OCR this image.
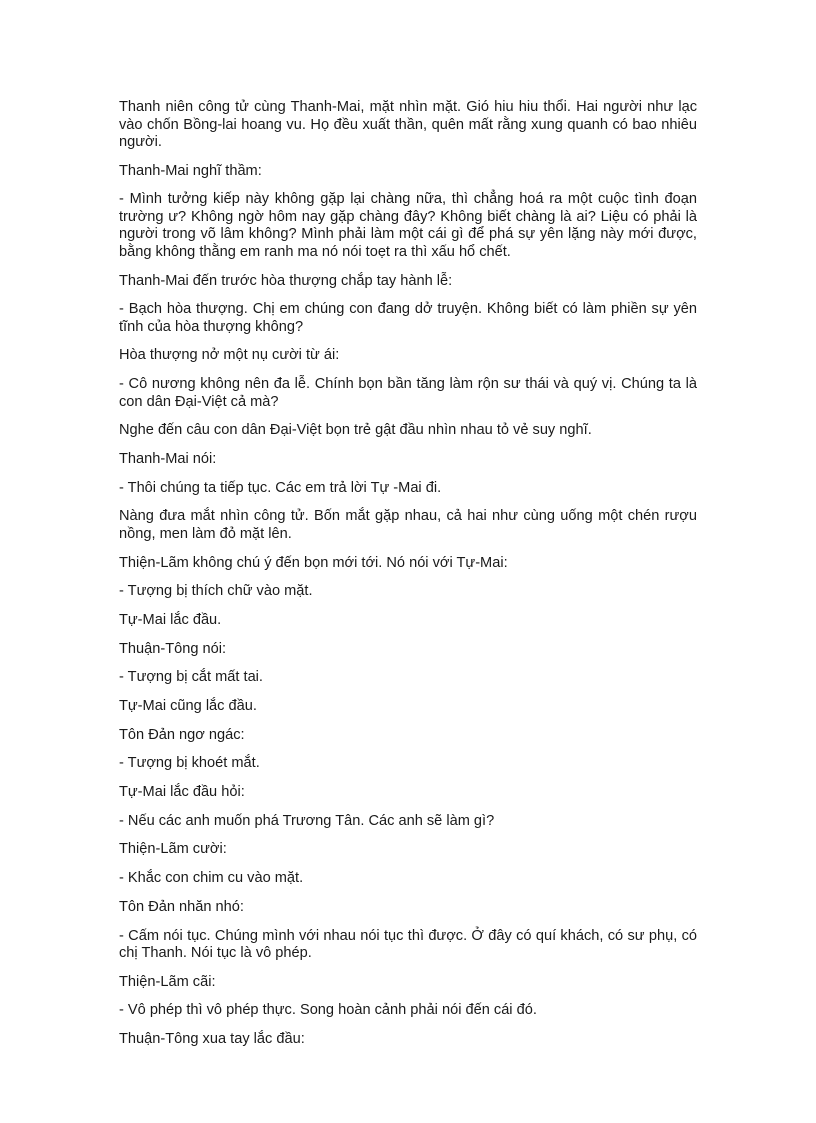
Thanh niên công tử cùng Thanh-Mai, mặt nhìn mặt. Gió hiu hiu thổi. Hai người như lạc vào chốn Bồng-lai hoang vu. Họ đều xuất thần, quên mất rằng xung quanh có bao nhiêu người.

Thanh-Mai nghĩ thầm:

- Mình tưởng kiếp này không gặp lại chàng nữa, thì chẳng hoá ra một cuộc tình đoạn trường ư? Không ngờ hôm nay gặp chàng đây? Không biết chàng là ai? Liệu có phải là người trong võ lâm không? Mình phải làm một cái gì để phá sự yên lặng này mới được, bằng không thằng em ranh ma nó nói toẹt ra thì xấu hổ chết.

Thanh-Mai đến trước hòa thượng chắp tay hành lễ:

- Bạch hòa thượng. Chị em chúng con đang dở truyện. Không biết có làm phiền sự yên tĩnh của hòa thượng không?

Hòa thượng nở một nụ cười từ ái:

- Cô nương không nên đa lễ. Chính bọn bần tăng làm rộn sư thái và quý vị. Chúng ta là con dân Đại-Việt cả mà?

Nghe đến câu con dân Đại-Việt bọn trẻ gật đầu nhìn nhau tỏ vẻ suy nghĩ.

Thanh-Mai nói:

- Thôi chúng ta tiếp tục. Các em trả lời Tự -Mai đi.

Nàng đưa mắt nhìn công tử. Bốn mắt gặp nhau, cả hai như cùng uống một chén rượu nồng, men làm đỏ mặt lên.

Thiện-Lãm không chú ý đến bọn mới tới. Nó nói với Tự-Mai:

- Tượng bị thích chữ vào mặt.

Tự-Mai lắc đầu.

Thuận-Tông nói:

- Tượng bị cắt mất tai.

Tự-Mai cũng lắc đầu.

Tôn Đản ngơ ngác:

- Tượng bị khoét mắt.

Tự-Mai lắc đầu hỏi:

- Nếu các anh muốn phá Trương Tân. Các anh sẽ làm gì?

Thiện-Lãm cười:

- Khắc con chim cu vào mặt.

Tôn Đản nhăn nhó:

- Cấm nói tục. Chúng mình với nhau nói tục thì được. Ở đây có quí khách, có sư phụ, có chị Thanh. Nói tục là vô phép.

Thiện-Lãm cãi:

- Vô phép thì vô phép thực. Song hoàn cảnh phải nói đến cái đó.

Thuận-Tông xua tay lắc đầu:
